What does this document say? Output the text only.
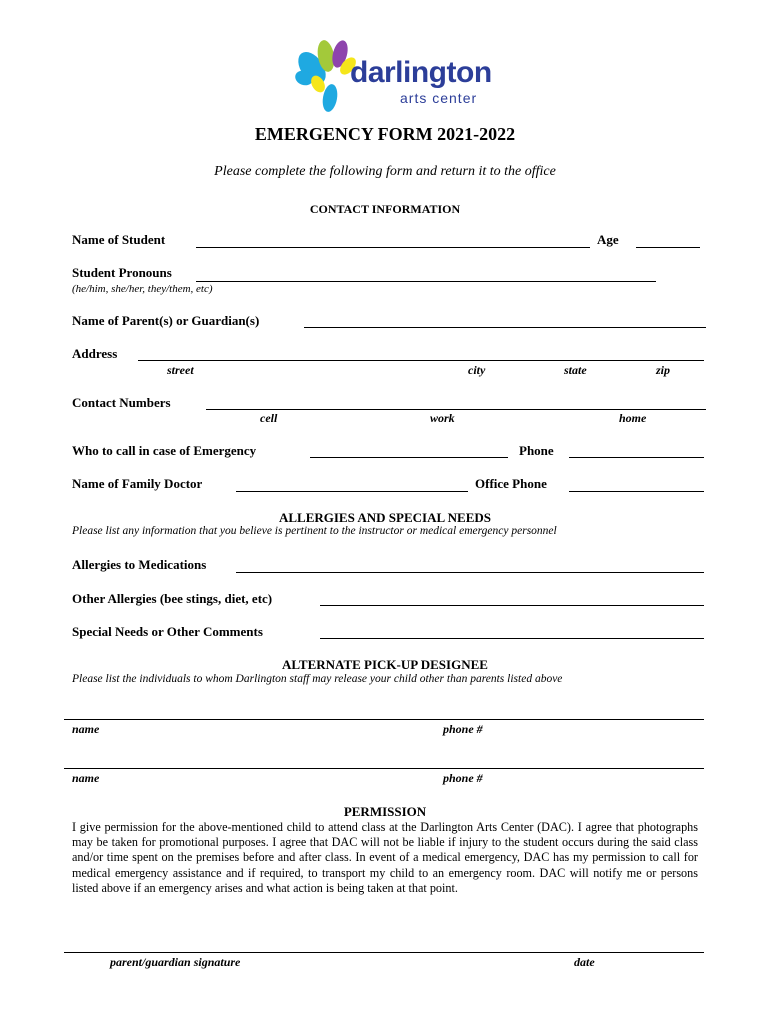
darlington
arts center
EMERGENCY FORM 2021-2022
Please complete the following form and return it to the office
CONTACT INFORMATION
Name of Student	Age
Student Pronouns
(he/him, she/her, they/them, etc)
Name of Parent(s) or Guardian(s)
Address
street	city	state	zip
Contact Numbers
cell	work	home
Who to call in case of Emergency	Phone
Name of Family Doctor	Office Phone
ALLERGIES AND SPECIAL NEEDS
Please list any information that you believe is pertinent to the instructor or medical emergency personnel
Allergies to Medications
Other Allergies (bee stings, diet, etc)
Special Needs or Other Comments
ALTERNATE PICK-UP DESIGNEE
Please list the individuals to whom Darlington staff may release your child other than parents listed above
name	phone #
name	phone #
PERMISSION
I give permission for the above-mentioned child to attend class at the Darlington Arts Center (DAC). I agree that photographs may be taken for promotional purposes. I agree that DAC will not be liable if injury to the student occurs during the said class and/or time spent on the premises before and after class. In event of a medical emergency, DAC has my permission to call for medical emergency assistance and if required, to transport my child to an emergency room. DAC will notify me or persons listed above if an emergency arises and what action is being taken at that point.
parent/guardian signature	date
